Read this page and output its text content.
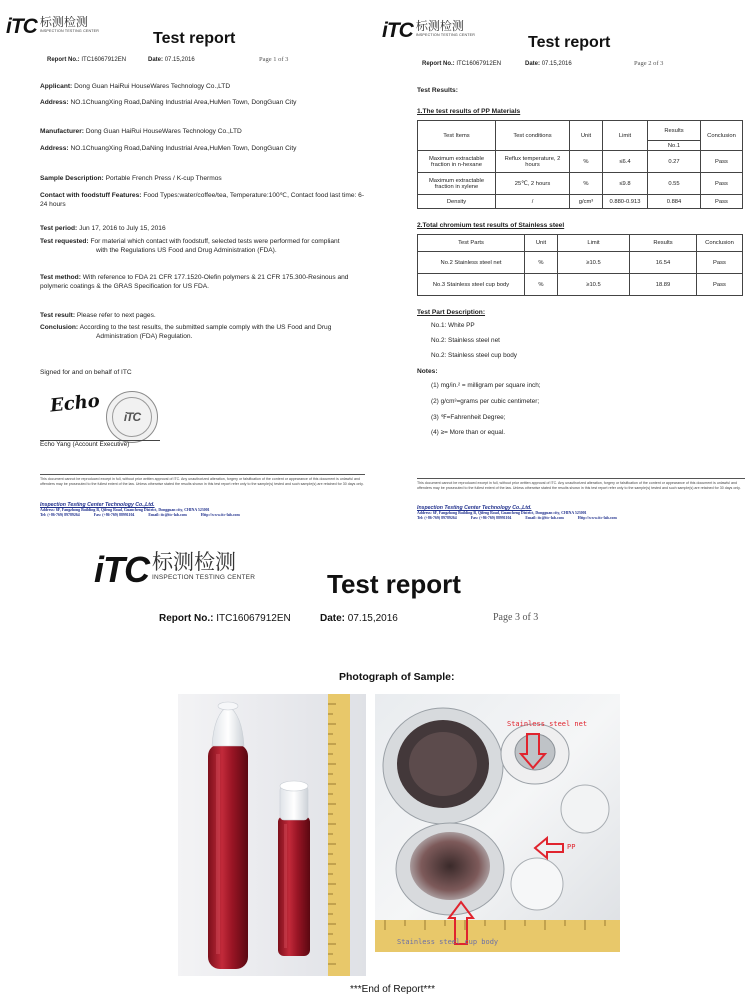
iTC 标测检测
INSPECTION TESTING CENTER	Test report
Report No.: ITC16067912EN	Date: 07.15,2016	Page 1 of 3
Applicant: Dong Guan HaiRui HouseWares Technology Co.,LTD
Address: NO.1ChuangXing Road,DaNing Industrial Area,HuMen Town, DongGuan City
Manufacturer: Dong Guan HaiRui HouseWares Technology Co.,LTD
Address: NO.1ChuangXing Road,DaNing Industrial Area,HuMen Town, DongGuan City
Sample Description: Portable French Press / K-cup Thermos
Contact with foodstuff Features: Food Types:water/coffee/tea, Temperature:100℃, Contact food last time: 6-24 hours
Test period: Jun 17, 2016 to July 15, 2016
Test requested: For material which contact with foodstuff, selected tests were performed for compliant
with the Regulations US Food and Drug Administration (FDA).
Test method: With reference to FDA 21 CFR 177.1520-Olefin polymers & 21 CFR 175.300-Resinous and polymeric coatings & the GRAS Specification for US FDA.
Test result: Please refer to next pages.
Conclusion: According to the test results, the submitted sample comply with the US Food and Drug
Administration (FDA) Regulation.
Signed for and on behalf of ITC
Echo
iTC
Echo Yang (Account Executive)
This document cannot be reproduced except in full, without prior written approval of ITC. Any unauthorized alteration, forgery or falsification of the content or appearance of this document is unlawful and offenders may be prosecuted to the fullest extent of the law. Unless otherwise stated the results shown in this test report refer only to the sample(s) tested and such sample(s) are retained for 30 days only.
Inspection Testing Center Technology Co.,Ltd.
Address: 6F, Fangzhong Building B, Qifeng Road, Guancheng District, Dongguan city, CHINA 523001
Tel: (+86-769) 89789264	Fax: (+86-769) 88991104	Email: itc@itc-lab.com	Http://www.itc-lab.com
iTC 标测检测
INSPECTION TESTING CENTER	Test report
Report No.: ITC16067912EN	Date: 07.15,2016	Page 2 of 3
Test Results:
1.The test results of PP Materials
Test Items	Test conditions	Unit	Limit	Results	Conclusion
				No.1	
Maximum extractable fraction in n-hexane	Reflux temperature, 2 hours	%	≤6.4	0.27	Pass
Maximum extractable fraction in xylene	25℃, 2 hours	%	≤9.8	0.55	Pass
Density	/	g/cm³	0.880-0.913	0.884	Pass
2.Total chromium test results of Stainless steel
Test Parts	Unit	Limit	Results	Conclusion
No.2 Stainless steel net	%	≥10.5	16.54	Pass
No.3 Stainless steel cup body	%	≥10.5	18.89	Pass
Test Part Description:
No.1: White PP
No.2: Stainless steel net
No.2: Stainless steel cup body
Notes:
(1) mg/in.² = milligram per square inch;
(2) g/cm³=grams per cubic centimeter;
(3) ℉=Fahrenheit Degree;
(4) ≥= More than or equal.
This document cannot be reproduced except in full, without prior written approval of ITC. Any unauthorized alteration, forgery or falsification of the content or appearance of this document is unlawful and offenders may be prosecuted to the fullest extent of the law. Unless otherwise stated the results shown in this test report refer only to the sample(s) tested and such sample(s) are retained for 30 days only.
Inspection Testing Center Technology Co.,Ltd.
Address: 6F, Fangzhong Building B, Qifeng Road, Guancheng District, Dongguan city, CHINA 523001
Tel: (+86-769) 89789264	Fax: (+86-769) 88991104	Email: itc@itc-lab.com	Http://www.itc-lab.com
iTC 标测检测
INSPECTION TESTING CENTER	Test report
Report No.: ITC16067912EN	Date: 07.15,2016	Page 3 of 3
Photograph of Sample:
Stainless steel net
PP
Stainless steel cup body
***End of Report***
